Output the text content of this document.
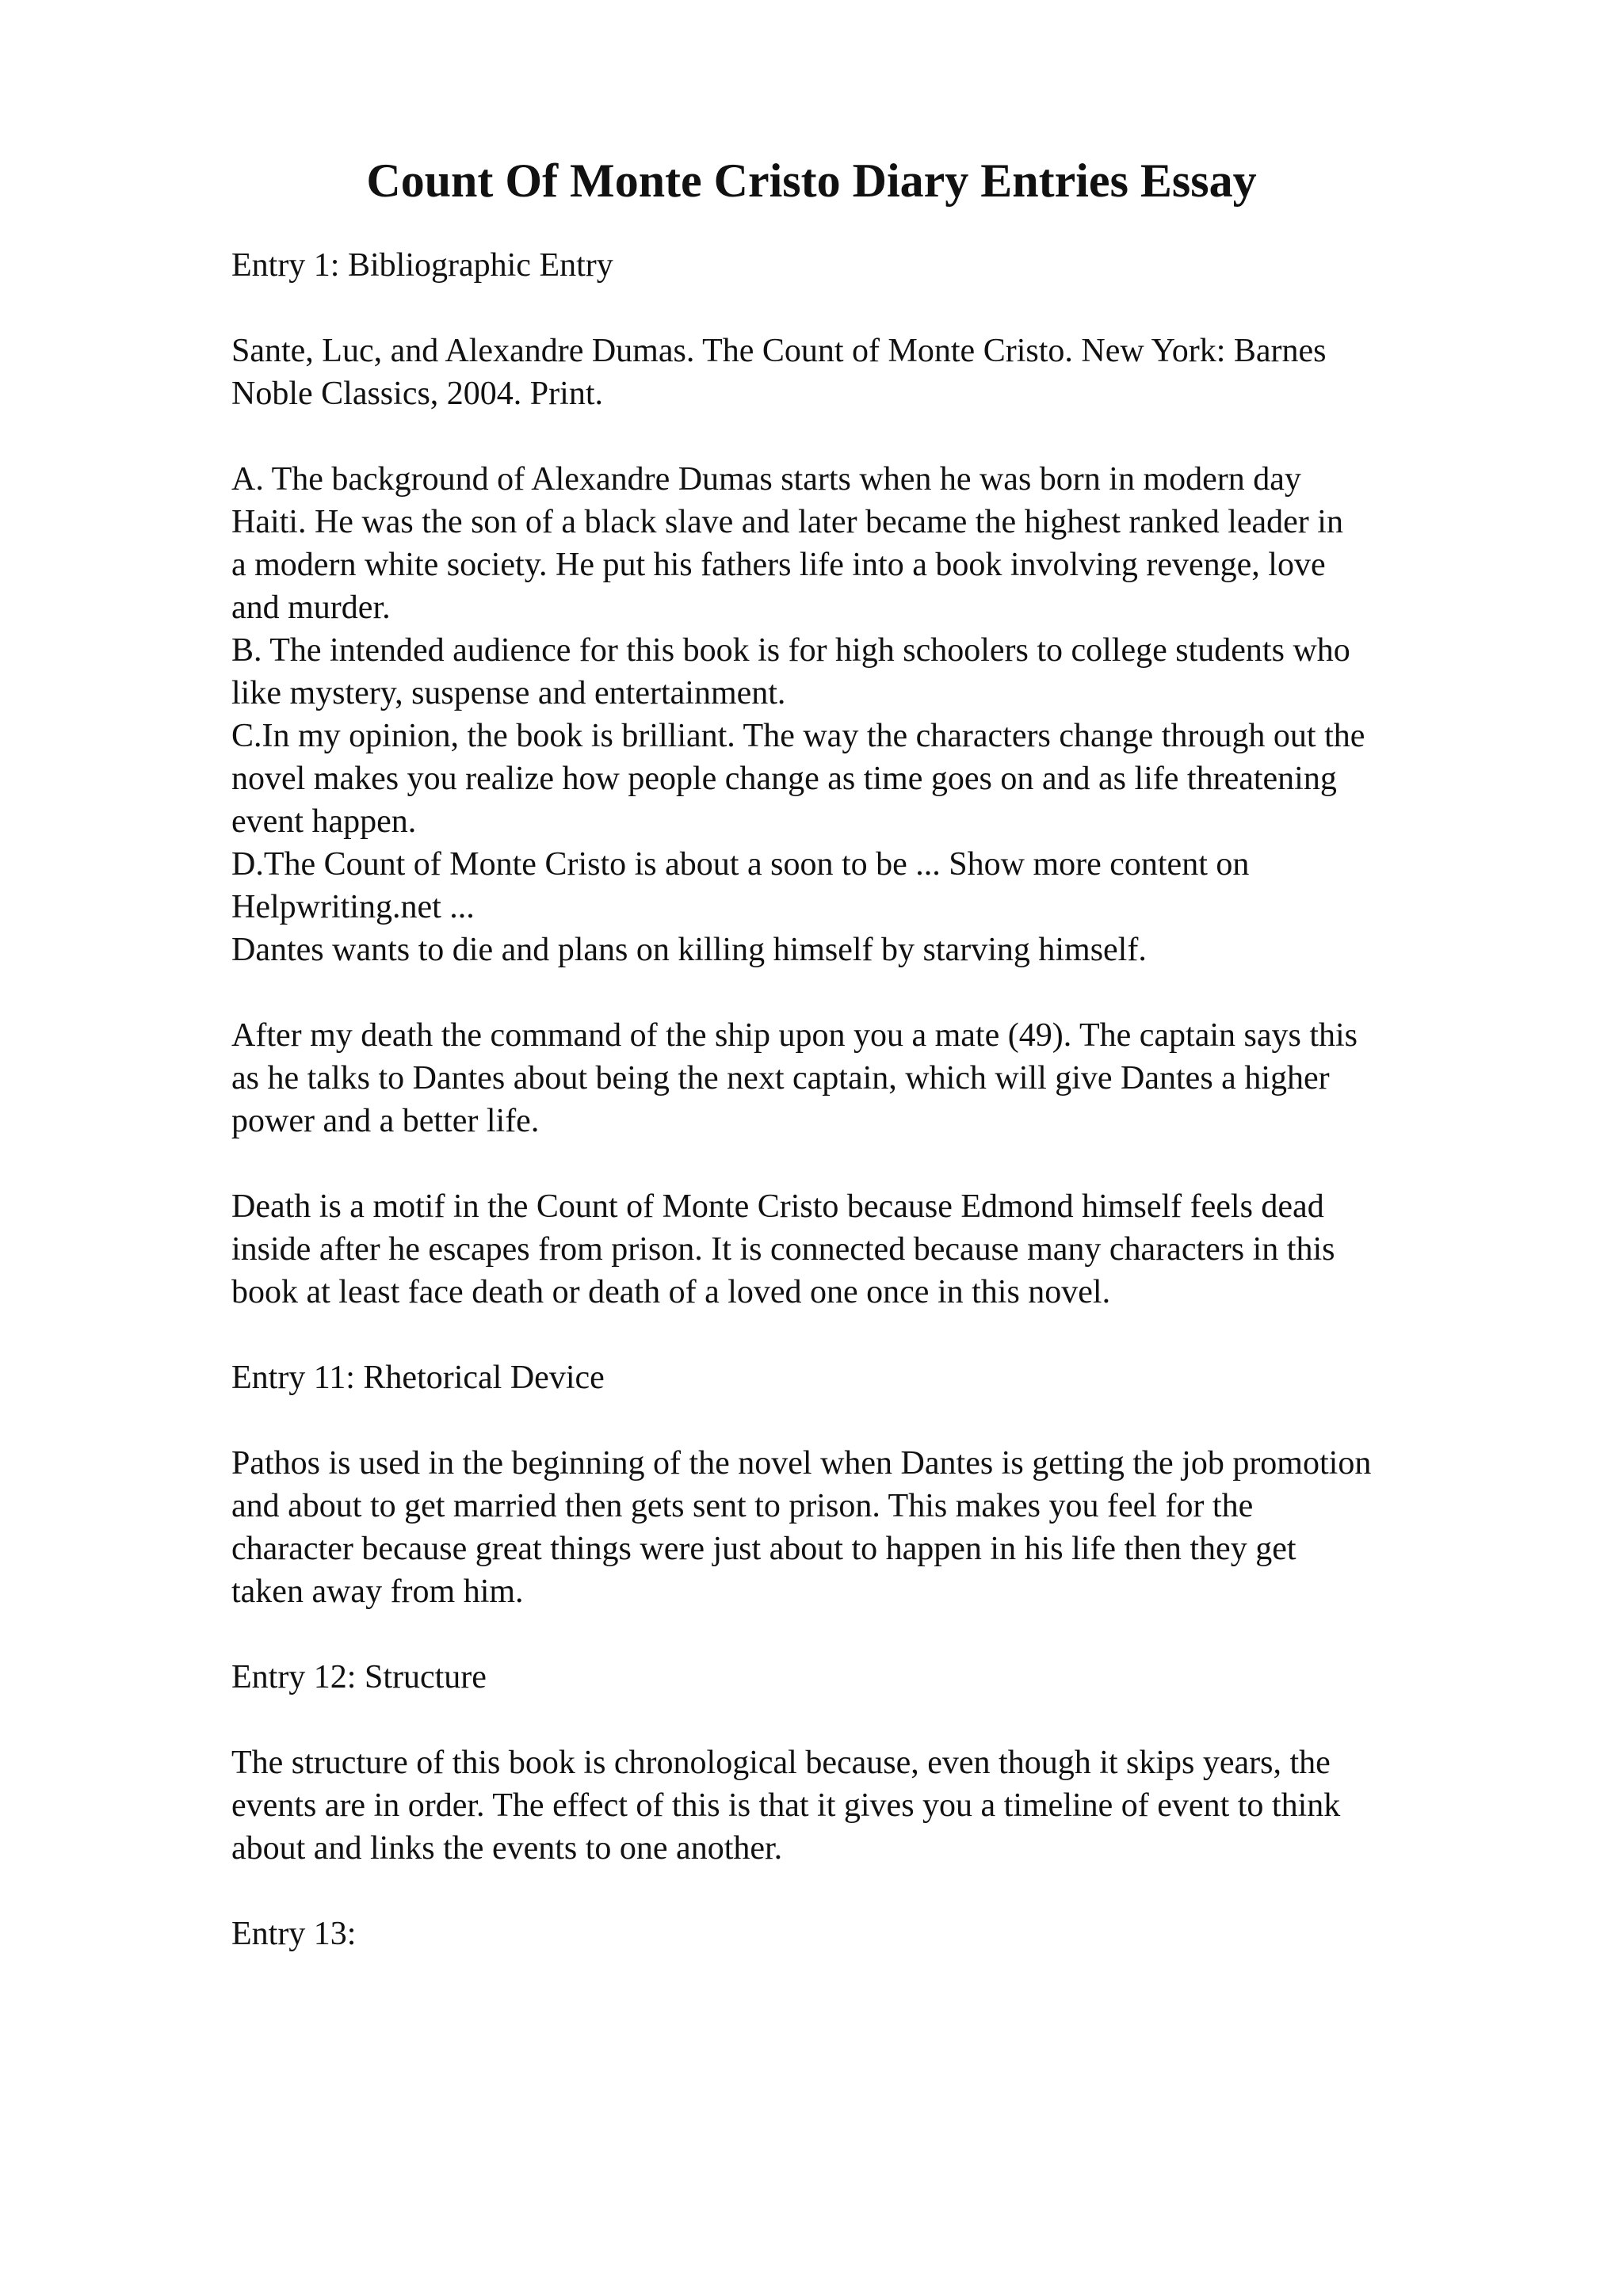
Count Of Monte Cristo Diary Entries Essay

Entry 1: Bibliographic Entry

Sante, Luc, and Alexandre Dumas. The Count of Monte Cristo. New York: Barnes
Noble Classics, 2004. Print.

A. The background of Alexandre Dumas starts when he was born in modern day
Haiti. He was the son of a black slave and later became the highest ranked leader in
a modern white society. He put his fathers life into a book involving revenge, love
and murder.

B. The intended audience for this book is for high schoolers to college students who
like mystery, suspense and entertainment.

C.In my opinion, the book is brilliant. The way the characters change through out the
novel makes you realize how people change as time goes on and as life threatening
event happen.

D.The Count of Monte Cristo is about a soon to be ... Show more content on
Helpwriting.net ...

Dantes wants to die and plans on killing himself by starving himself.

After my death the command of the ship upon you a mate (49). The captain says this
as he talks to Dantes about being the next captain, which will give Dantes a higher
power and a better life.

Death is a motif in the Count of Monte Cristo because Edmond himself feels dead
inside after he escapes from prison. It is connected because many characters in this
book at least face death or death of a loved one once in this novel.

Entry 11: Rhetorical Device

Pathos is used in the beginning of the novel when Dantes is getting the job promotion
and about to get married then gets sent to prison. This makes you feel for the
character because great things were just about to happen in his life then they get
taken away from him.

Entry 12: Structure

The structure of this book is chronological because, even though it skips years, the
events are in order. The effect of this is that it gives you a timeline of event to think
about and links the events to one another.

Entry 13:
